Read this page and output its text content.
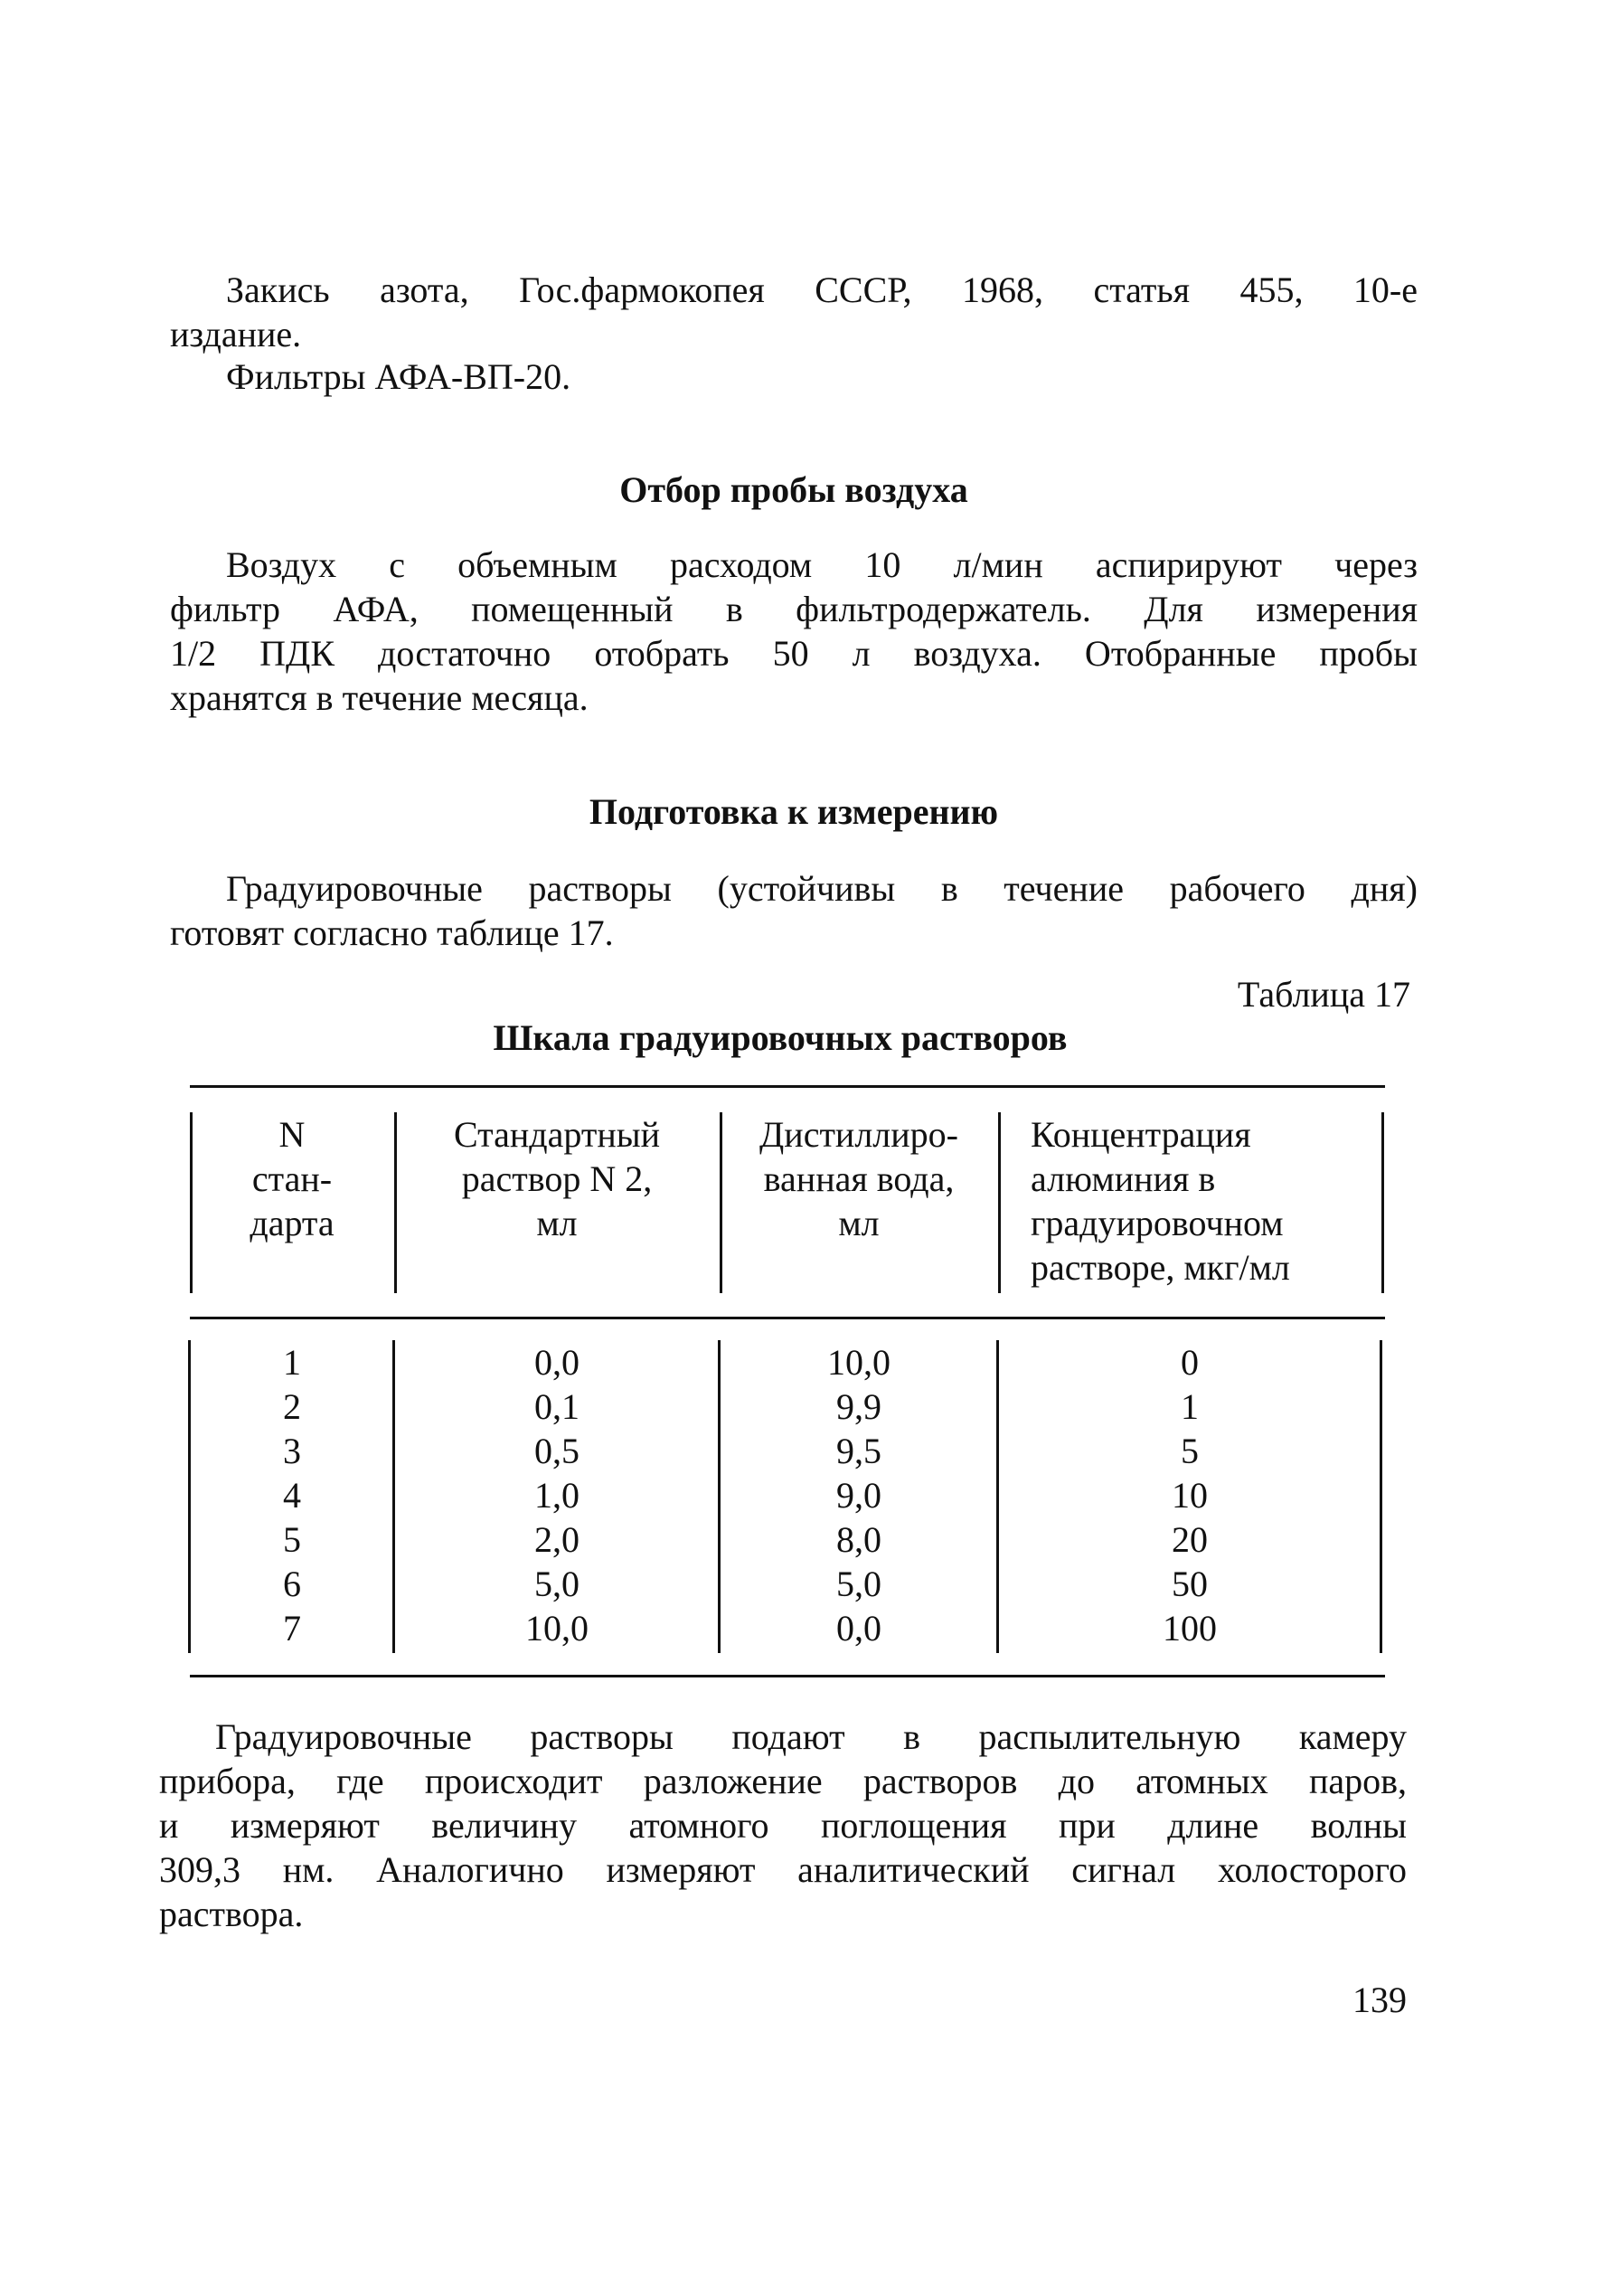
Закись азота, Гос.фармокопея СССР, 1968, статья 455, 10-е
издание.
Фильтры АФА-ВП-20.

Отбор пробы воздуха

Воздух с объемным расходом 10 л/мин аспирируют через
фильтр АФА, помещенный в фильтродержатель. Для измерения
1/2 ПДК достаточно отобрать 50 л воздуха. Отобранные пробы
хранятся в течение месяца.

Подготовка к измерению

Градуировочные растворы (устойчивы в течение рабочего дня)
готовят согласно таблице 17.

Таблица 17

Шкала градуировочных растворов

N
стан-
дарта
Стандартный
раствор N 2,
мл
Дистиллиро-
ванная вода,
мл
Концентрация
алюминия в
градуировочном
растворе, мкг/мл
1
2
3
4
5
6
7
0,0
0,1
0,5
1,0
2,0
5,0
10,0
10,0
9,9
9,5
9,0
8,0
5,0
0,0
0
1
5
10
20
50
100
Градуировочные растворы подают в распылительную камеру
прибора, где происходит разложение растворов до атомных паров,
и измеряют величину атомного поглощения при длине волны
309,3 нм. Аналогично измеряют аналитический сигнал холосторого
раствора.

139
